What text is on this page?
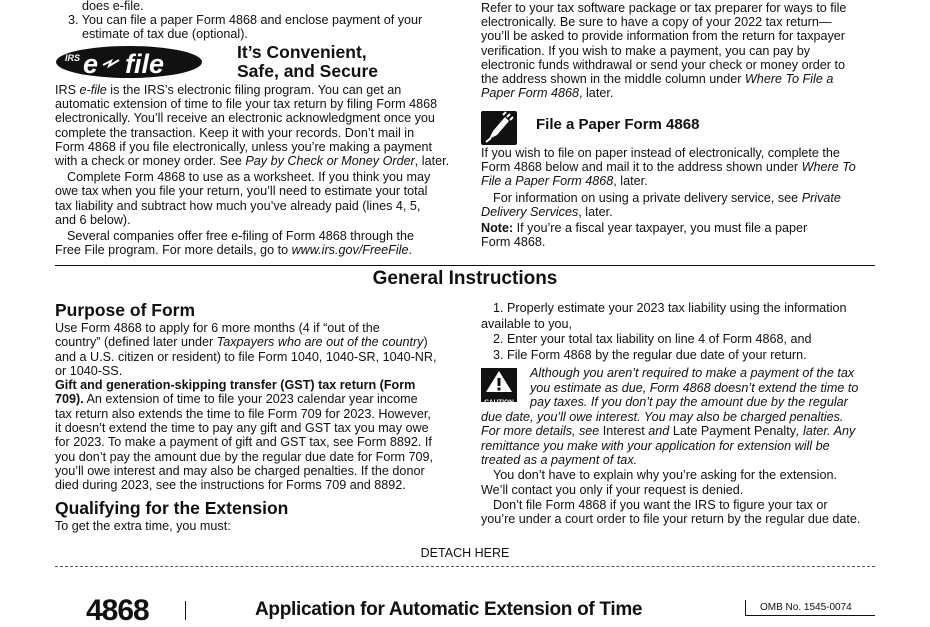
does e-file.
3. You can file a paper Form 4868 and enclose payment of your
estimate of tax due (optional).
IRS e file	It’s Convenient,
Safe, and Secure
IRS e-file is the IRS’s electronic filing program. You can get an
automatic extension of time to file your tax return by filing Form 4868
electronically. You’ll receive an electronic acknowledgment once you
complete the transaction. Keep it with your records. Don’t mail in
Form 4868 if you file electronically, unless you’re making a payment
with a check or money order. See Pay by Check or Money Order, later.
Complete Form 4868 to use as a worksheet. If you think you may
owe tax when you file your return, you’ll need to estimate your total
tax liability and subtract how much you’ve already paid (lines 4, 5,
and 6 below).
Several companies offer free e-filing of Form 4868 through the
Free File program. For more details, go to www.irs.gov/FreeFile.
Refer to your tax software package or tax preparer for ways to file
electronically. Be sure to have a copy of your 2022 tax return—
you’ll be asked to provide information from the return for taxpayer
verification. If you wish to make a payment, you can pay by
electronic funds withdrawal or send your check or money order to
the address shown in the middle column under Where To File a
Paper Form 4868, later.
File a Paper Form 4868
If you wish to file on paper instead of electronically, complete the
Form 4868 below and mail it to the address shown under Where To
File a Paper Form 4868, later.
For information on using a private delivery service, see Private
Delivery Services, later.
Note: If you’re a fiscal year taxpayer, you must file a paper
Form 4868.
General Instructions
Purpose of Form
Use Form 4868 to apply for 6 more months (4 if “out of the
country” (defined later under Taxpayers who are out of the country)
and a U.S. citizen or resident) to file Form 1040, 1040-SR, 1040-NR,
or 1040-SS.
Gift and generation-skipping transfer (GST) tax return (Form
709). An extension of time to file your 2023 calendar year income
tax return also extends the time to file Form 709 for 2023. However,
it doesn’t extend the time to pay any gift and GST tax you may owe
for 2023. To make a payment of gift and GST tax, see Form 8892. If
you don’t pay the amount due by the regular due date for Form 709,
you’ll owe interest and may also be charged penalties. If the donor
died during 2023, see the instructions for Forms 709 and 8892.
Qualifying for the Extension
To get the extra time, you must:
1. Properly estimate your 2023 tax liability using the information
available to you,
2. Enter your total tax liability on line 4 of Form 4868, and
3. File Form 4868 by the regular due date of your return.
CAUTION
Although you aren’t required to make a payment of the tax
you estimate as due, Form 4868 doesn’t extend the time to
pay taxes. If you don’t pay the amount due by the regular
due date, you’ll owe interest. You may also be charged penalties.
For more details, see Interest and Late Payment Penalty, later. Any
remittance you make with your application for extension will be
treated as a payment of tax.
You don’t have to explain why you’re asking for the extension.
We’ll contact you only if your request is denied.
Don’t file Form 4868 if you want the IRS to figure your tax or
you’re under a court order to file your return by the regular due date.
DETACH HERE
4868	Application for Automatic Extension of Time	OMB No. 1545-0074
